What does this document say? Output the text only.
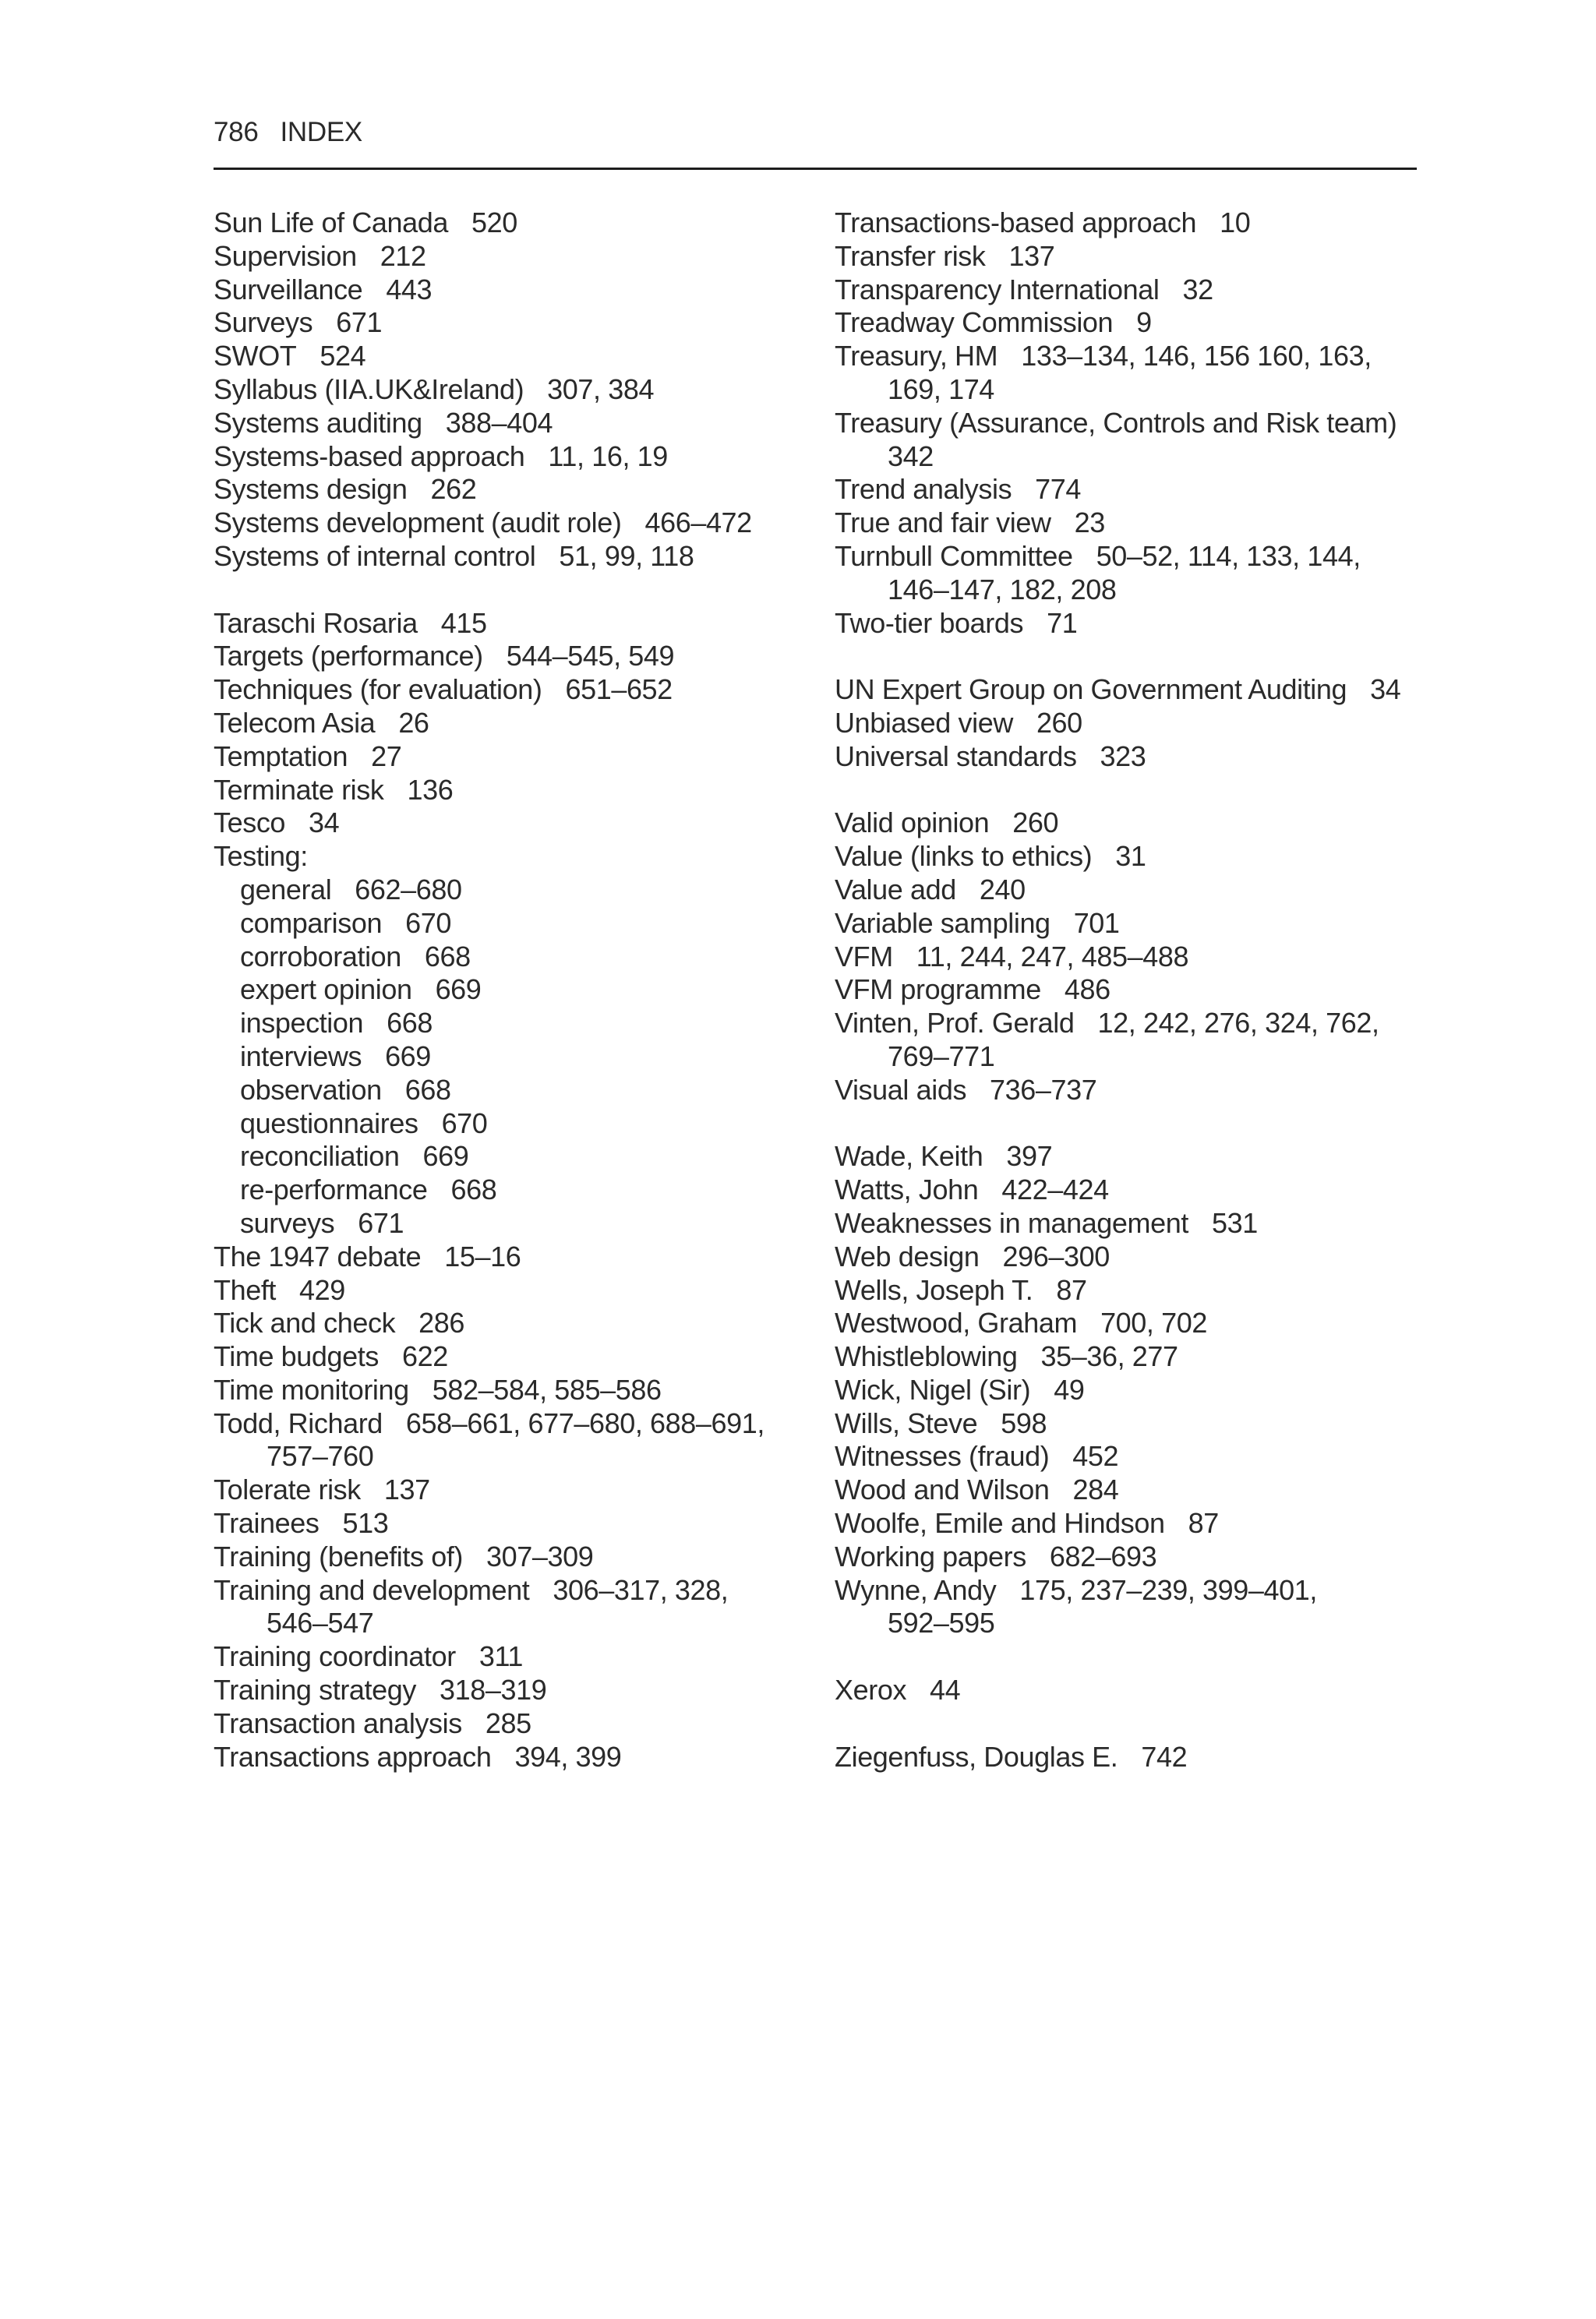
786 INDEX
Sun Life of Canada 520
Supervision 212
Surveillance 443
Surveys 671
SWOT 524
Syllabus (IIA.UK&Ireland) 307, 384
Systems auditing 388–404
Systems-based approach 11, 16, 19
Systems design 262
Systems development (audit role) 466–472
Systems of internal control 51, 99, 118
Taraschi Rosaria 415
Targets (performance) 544–545, 549
Techniques (for evaluation) 651–652
Telecom Asia 26
Temptation 27
Terminate risk 136
Tesco 34
Testing:
general 662–680
comparison 670
corroboration 668
expert opinion 669
inspection 668
interviews 669
observation 668
questionnaires 670
reconciliation 669
re-performance 668
surveys 671
The 1947 debate 15–16
Theft 429
Tick and check 286
Time budgets 622
Time monitoring 582–584, 585–586
Todd, Richard 658–661, 677–680, 688–691,
757–760
Tolerate risk 137
Trainees 513
Training (benefits of) 307–309
Training and development 306–317, 328,
546–547
Training coordinator 311
Training strategy 318–319
Transaction analysis 285
Transactions approach 394, 399
Transactions-based approach 10
Transfer risk 137
Transparency International 32
Treadway Commission 9
Treasury, HM 133–134, 146, 156 160, 163,
169, 174
Treasury (Assurance, Controls and Risk team)
342
Trend analysis 774
True and fair view 23
Turnbull Committee 50–52, 114, 133, 144,
146–147, 182, 208
Two-tier boards 71
UN Expert Group on Government Auditing 34
Unbiased view 260
Universal standards 323
Valid opinion 260
Value (links to ethics) 31
Value add 240
Variable sampling 701
VFM 11, 244, 247, 485–488
VFM programme 486
Vinten, Prof. Gerald 12, 242, 276, 324, 762,
769–771
Visual aids 736–737
Wade, Keith 397
Watts, John 422–424
Weaknesses in management 531
Web design 296–300
Wells, Joseph T. 87
Westwood, Graham 700, 702
Whistleblowing 35–36, 277
Wick, Nigel (Sir) 49
Wills, Steve 598
Witnesses (fraud) 452
Wood and Wilson 284
Woolfe, Emile and Hindson 87
Working papers 682–693
Wynne, Andy 175, 237–239, 399–401,
592–595
Xerox 44
Ziegenfuss, Douglas E. 742
